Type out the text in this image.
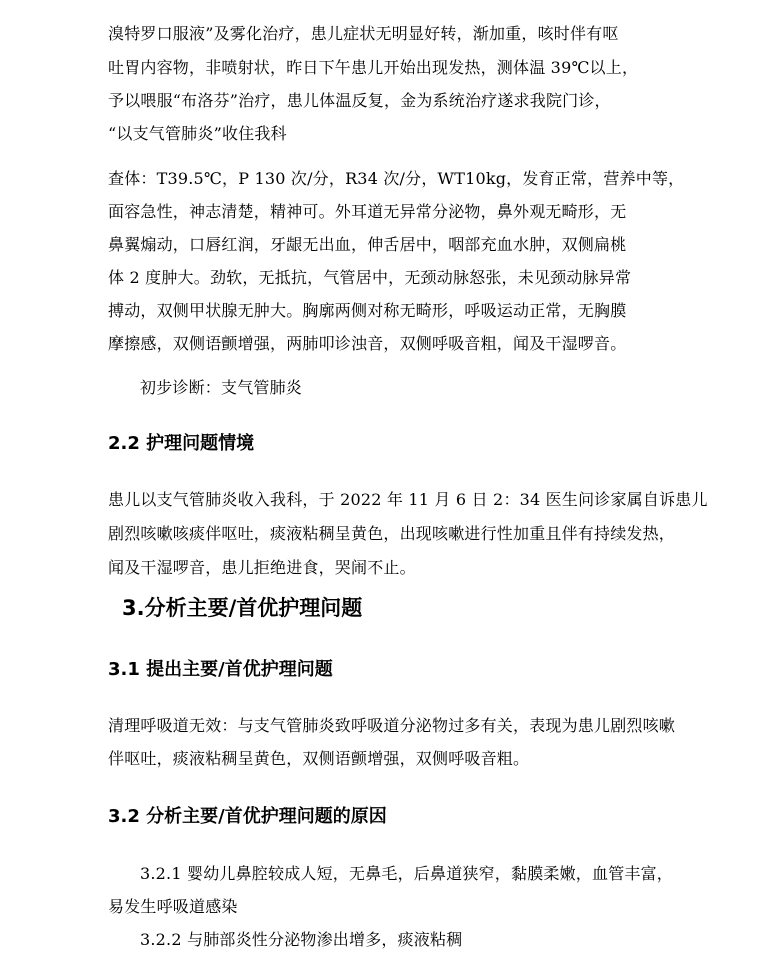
溴特罗口服液”及雾化治疗，患儿症状无明显好转，渐加重，咳时伴有呕
吐胃内容物，非喷射状，昨日下午患儿开始出现发热，测体温 39℃以上，
予以喂服“布洛芬”治疗，患儿体温反复，金为系统治疗遂求我院门诊，
“以支气管肺炎”收住我科
查体：T39.5℃，P 130 次/分，R34 次/分，WT10kg，发育正常，营养中等，
面容急性，神志清楚，精神可。外耳道无异常分泌物，鼻外观无畸形，无
鼻翼煽动，口唇红润，牙龈无出血，伸舌居中，咽部充血水肿，双侧扁桃
体 2 度肿大。劲软，无抵抗，气管居中，无颈动脉怒张，未见颈动脉异常
搏动，双侧甲状腺无肿大。胸廓两侧对称无畸形，呼吸运动正常，无胸膜
摩擦感，双侧语颤增强，两肺叩诊浊音，双侧呼吸音粗，闻及干湿啰音。
初步诊断：支气管肺炎
2.2 护理问题情境
患儿以支气管肺炎收入我科，于 2022 年 11 月 6 日 2：34 医生问诊家属自诉患儿
剧烈咳嗽咳痰伴呕吐，痰液粘稠呈黄色，出现咳嗽进行性加重且伴有持续发热，
闻及干湿啰音，患儿拒绝进食，哭闹不止。
3.分析主要/首优护理问题
3.1 提出主要/首优护理问题
清理呼吸道无效：与支气管肺炎致呼吸道分泌物过多有关，表现为患儿剧烈咳嗽
伴呕吐，痰液粘稠呈黄色，双侧语颤增强，双侧呼吸音粗。
3.2 分析主要/首优护理问题的原因
3.2.1 婴幼儿鼻腔较成人短，无鼻毛，后鼻道狭窄，黏膜柔嫩，血管丰富，
易发生呼吸道感染
3.2.2 与肺部炎性分泌物渗出增多，痰液粘稠
